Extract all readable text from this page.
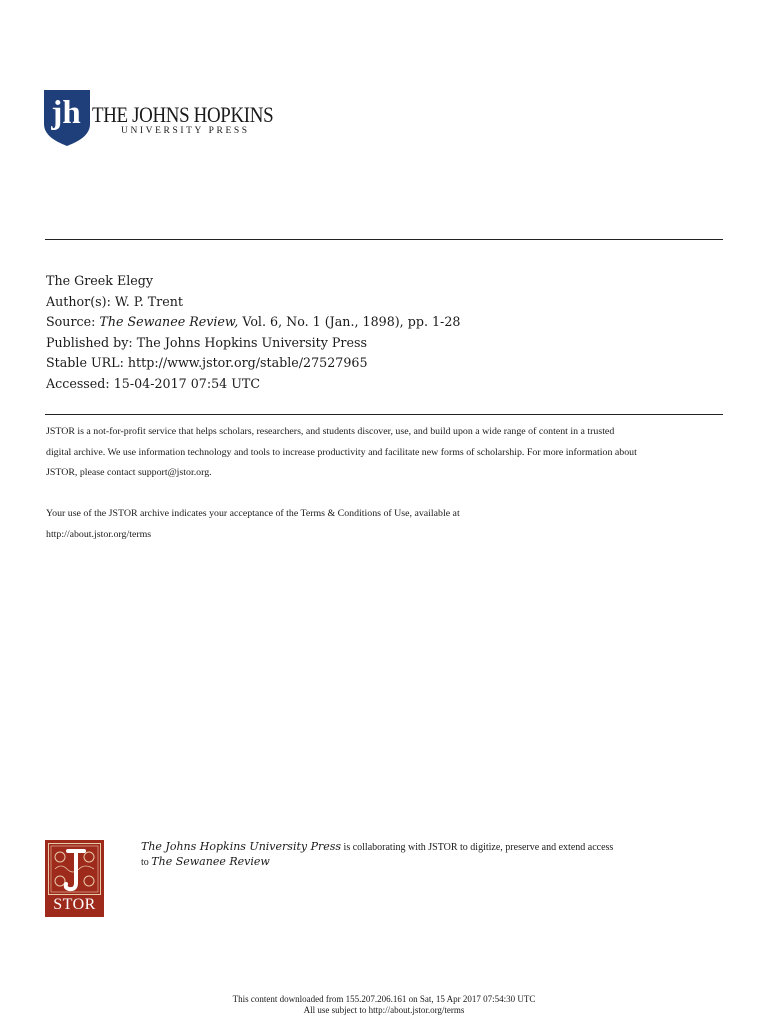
jh THE JOHNS HOPKINS
UNIVERSITY PRESS
The Greek Elegy
Author(s): W. P. Trent
Source: The Sewanee Review, Vol. 6, No. 1 (Jan., 1898), pp. 1-28
Published by: The Johns Hopkins University Press
Stable URL: http://www.jstor.org/stable/27527965
Accessed: 15-04-2017 07:54 UTC

JSTOR is a not-for-profit service that helps scholars, researchers, and students discover, use, and build upon a wide range of content in a trusted

digital archive. We use information technology and tools to increase productivity and facilitate new forms of scholarship. For more information about

JSTOR, please contact support@jstor.org.

Your use of the JSTOR archive indicates your acceptance of the Terms & Conditions of Use, available at

http://about.jstor.org/terms

STOR
The Johns Hopkins University Press is collaborating with JSTOR to digitize, preserve and extend access
to The Sewanee Review
This content downloaded from 155.207.206.161 on Sat, 15 Apr 2017 07:54:30 UTC
All use subject to http://about.jstor.org/terms
